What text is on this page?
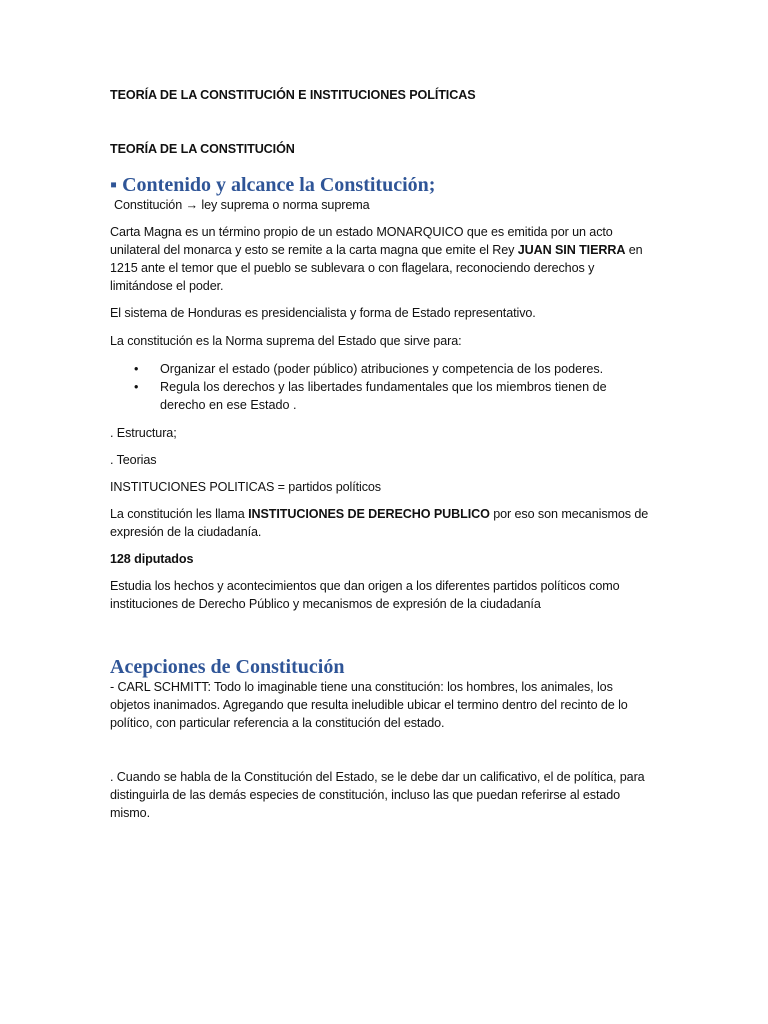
TEORÍA DE LA CONSTITUCIÓN E INSTITUCIONES POLÍTICAS

TEORÍA DE LA CONSTITUCIÓN

▪ Contenido y alcance la Constitución;

Constitución → ley suprema o norma suprema

Carta Magna es un término propio de un estado MONARQUICO que es emitida por un acto unilateral del monarca y esto se remite a la carta magna que emite el Rey JUAN SIN TIERRA en 1215 ante el temor que el pueblo se sublevara o con flagelara, reconociendo derechos y limitándose el poder.

El sistema de Honduras es presidencialista y forma de Estado representativo.

La constitución es la Norma suprema del Estado que sirve para:

• Organizar el estado (poder público) atribuciones y competencia de los poderes.
• Regula los derechos y las libertades fundamentales que los miembros tienen de derecho en ese Estado .

. Estructura;

. Teorias

INSTITUCIONES POLITICAS = partidos políticos

La constitución les llama INSTITUCIONES DE DERECHO PUBLICO por eso son mecanismos de expresión de la ciudadanía.

128 diputados

Estudia los hechos y acontecimientos que dan origen a los diferentes partidos políticos como instituciones de Derecho Público y mecanismos de expresión de la ciudadanía

Acepciones de Constitución

- CARL SCHMITT: Todo lo imaginable tiene una constitución: los hombres, los animales, los objetos inanimados. Agregando que resulta ineludible ubicar el termino dentro del recinto de lo político, con particular referencia a la constitución del estado.

. Cuando se habla de la Constitución del Estado, se le debe dar un calificativo, el de política, para distinguirla de las demás especies de constitución, incluso las que puedan referirse al estado mismo.
